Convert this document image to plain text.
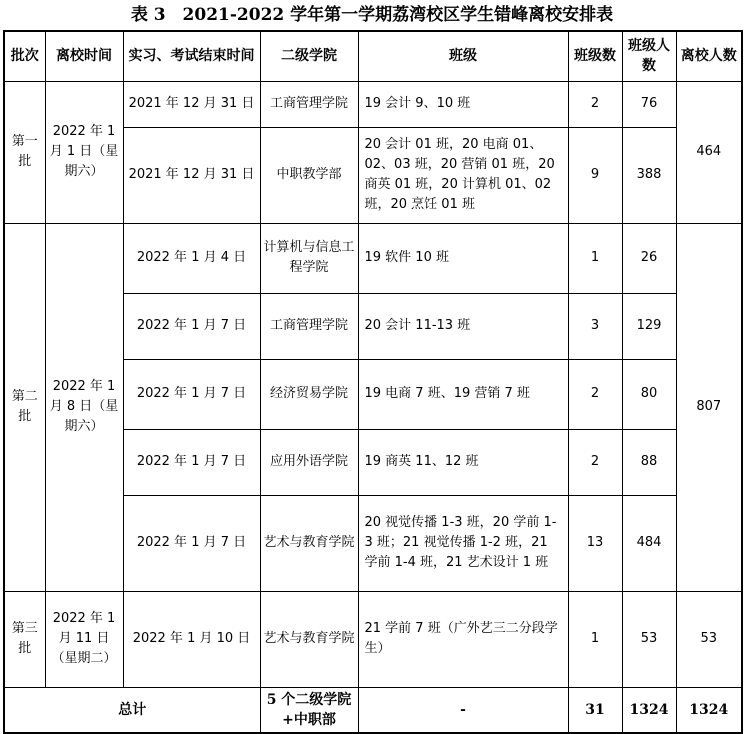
表 3　2021-2022 学年第一学期荔湾校区学生错峰离校安排表
批次	离校时间	实习、考试结束时间	二级学院	班级	班级数	班级人数	离校人数
第一批	2022 年 1 月 1 日（星期六）	2021 年 12 月 31 日	工商管理学院	19 会计 9、10 班	2	76	464
		2021 年 12 月 31 日	中职教学部	20 会计 01 班，20 电商 01、02、03 班，20 营销 01 班，20 商英 01 班，20 计算机 01、02 班，20 烹饪 01 班	9	388	
第二批	2022 年 1 月 8 日（星期六）	2022 年 1 月 4 日	计算机与信息工程学院	19 软件 10 班	1	26	807
		2022 年 1 月 7 日	工商管理学院	20 会计 11-13 班	3	129	
		2022 年 1 月 7 日	经济贸易学院	19 电商 7 班、19 营销 7 班	2	80	
		2022 年 1 月 7 日	应用外语学院	19 商英 11、12 班	2	88	
		2022 年 1 月 7 日	艺术与教育学院	20 视觉传播 1-3 班，20 学前 1-3 班；21 视觉传播 1-2 班，21 学前 1-4 班，21 艺术设计 1 班	13	484	
第三批	2022 年 1 月 11 日（星期二）	2022 年 1 月 10 日	艺术与教育学院	21 学前 7 班（广外艺三二分段学生）	1	53	53
总计			5 个二级学院+中职部	-	31	1324	1324
